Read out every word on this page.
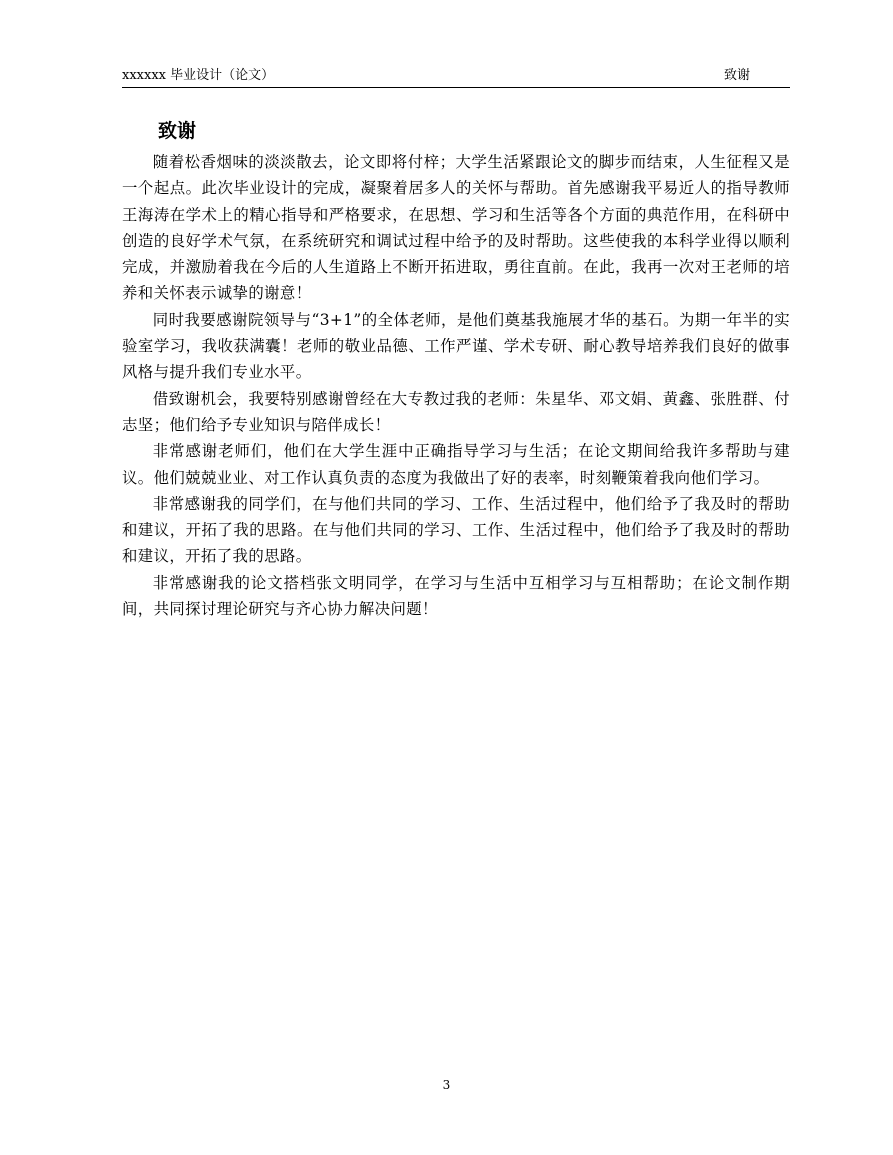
xxxxxx 毕业设计（论文）	致谢
致谢

随着松香烟味的淡淡散去，论文即将付梓；大学生活紧跟论文的脚步而结束，人生征程又是一个起点。此次毕业设计的完成，凝聚着居多人的关怀与帮助。首先感谢我平易近人的指导教师王海涛在学术上的精心指导和严格要求，在思想、学习和生活等各个方面的典范作用，在科研中创造的良好学术气氛，在系统研究和调试过程中给予的及时帮助。这些使我的本科学业得以顺利完成，并激励着我在今后的人生道路上不断开拓进取，勇往直前。在此，我再一次对王老师的培养和关怀表示诚挚的谢意！

同时我要感谢院领导与“3+1”的全体老师，是他们奠基我施展才华的基石。为期一年半的实验室学习，我收获满囊！老师的敬业品德、工作严谨、学术专研、耐心教导培养我们良好的做事风格与提升我们专业水平。

借致谢机会，我要特别感谢曾经在大专教过我的老师：朱星华、邓文娟、黄鑫、张胜群、付志坚；他们给予专业知识与陪伴成长！

非常感谢老师们，他们在大学生涯中正确指导学习与生活；在论文期间给我许多帮助与建议。他们兢兢业业、对工作认真负责的态度为我做出了好的表率，时刻鞭策着我向他们学习。

非常感谢我的同学们，在与他们共同的学习、工作、生活过程中，他们给予了我及时的帮助和建议，开拓了我的思路。在与他们共同的学习、工作、生活过程中，他们给予了我及时的帮助和建议，开拓了我的思路。

非常感谢我的论文搭档张文明同学，在学习与生活中互相学习与互相帮助；在论文制作期间，共同探讨理论研究与齐心协力解决问题！

3
